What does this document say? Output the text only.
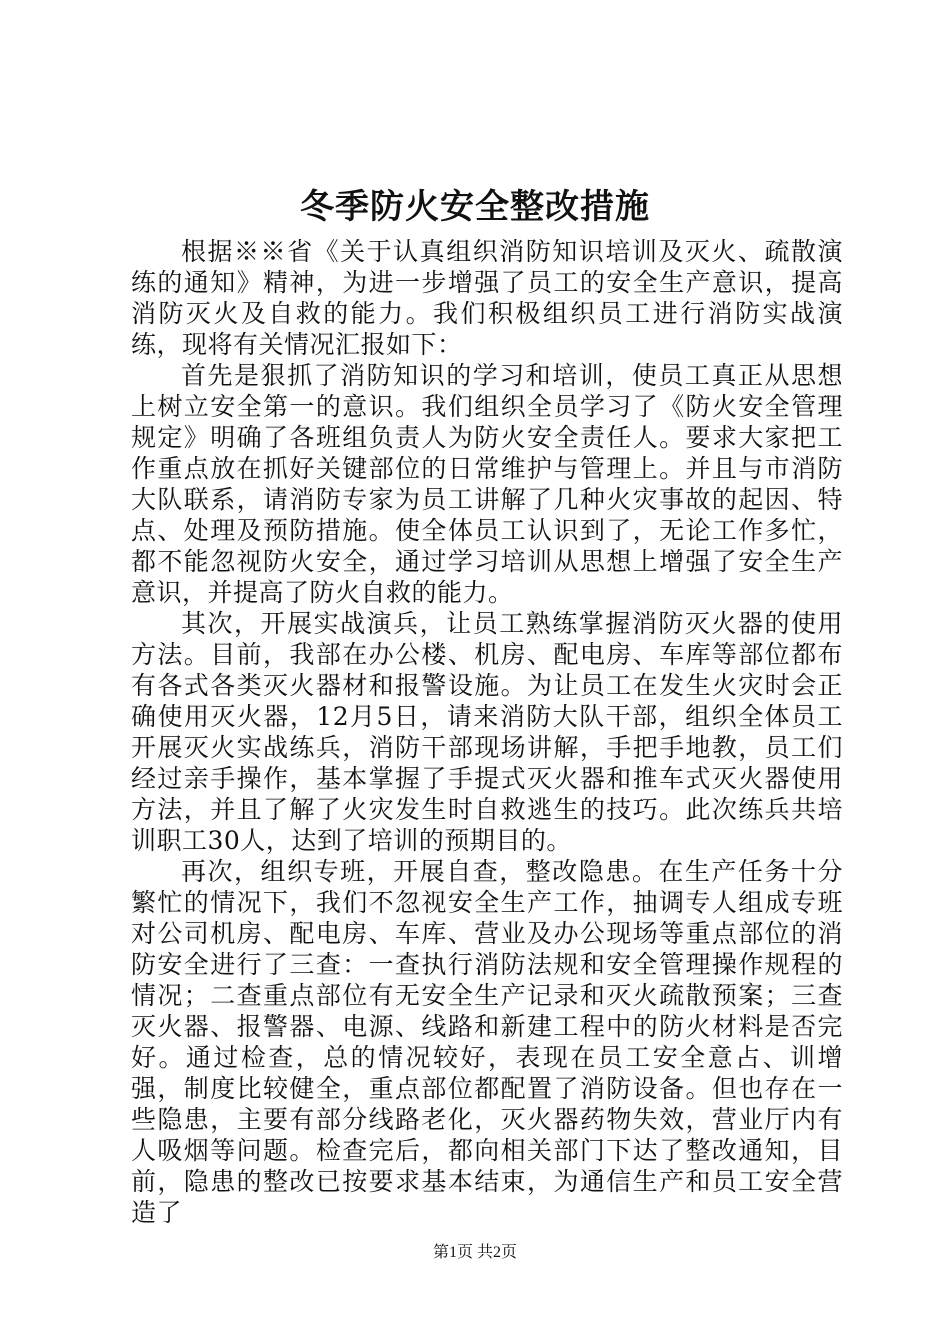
冬季防火安全整改措施

根据※※省《关于认真组织消防知识培训及灭火、疏散演练的通知》精神，为进一步增强了员工的安全生产意识，提高消防灭火及自救的能力。我们积极组织员工进行消防实战演练，现将有关情况汇报如下：

首先是狠抓了消防知识的学习和培训，使员工真正从思想上树立安全第一的意识。我们组织全员学习了《防火安全管理规定》明确了各班组负责人为防火安全责任人。要求大家把工作重点放在抓好关键部位的日常维护与管理上。并且与市消防大队联系，请消防专家为员工讲解了几种火灾事故的起因、特点、处理及预防措施。使全体员工认识到了，无论工作多忙，都不能忽视防火安全，通过学习培训从思想上增强了安全生产意识，并提高了防火自救的能力。

其次，开展实战演兵，让员工熟练掌握消防灭火器的使用方法。目前，我部在办公楼、机房、配电房、车库等部位都布有各式各类灭火器材和报警设施。为让员工在发生火灾时会正确使用灭火器，12月5日，请来消防大队干部，组织全体员工开展灭火实战练兵，消防干部现场讲解，手把手地教，员工们经过亲手操作，基本掌握了手提式灭火器和推车式灭火器使用方法，并且了解了火灾发生时自救逃生的技巧。此次练兵共培训职工30人，达到了培训的预期目的。

再次，组织专班，开展自查，整改隐患。在生产任务十分繁忙的情况下，我们不忽视安全生产工作，抽调专人组成专班对公司机房、配电房、车库、营业及办公现场等重点部位的消防安全进行了三查：一查执行消防法规和安全管理操作规程的情况；二查重点部位有无安全生产记录和灭火疏散预案；三查灭火器、报警器、电源、线路和新建工程中的防火材料是否完好。通过检查，总的情况较好，表现在员工安全意占、训增强，制度比较健全，重点部位都配置了消防设备。但也存在一些隐患，主要有部分线路老化，灭火器药物失效，营业厅内有人吸烟等问题。检查完后，都向相关部门下达了整改通知，目前，隐患的整改已按要求基本结束，为通信生产和员工安全营造了

第1页 共2页
